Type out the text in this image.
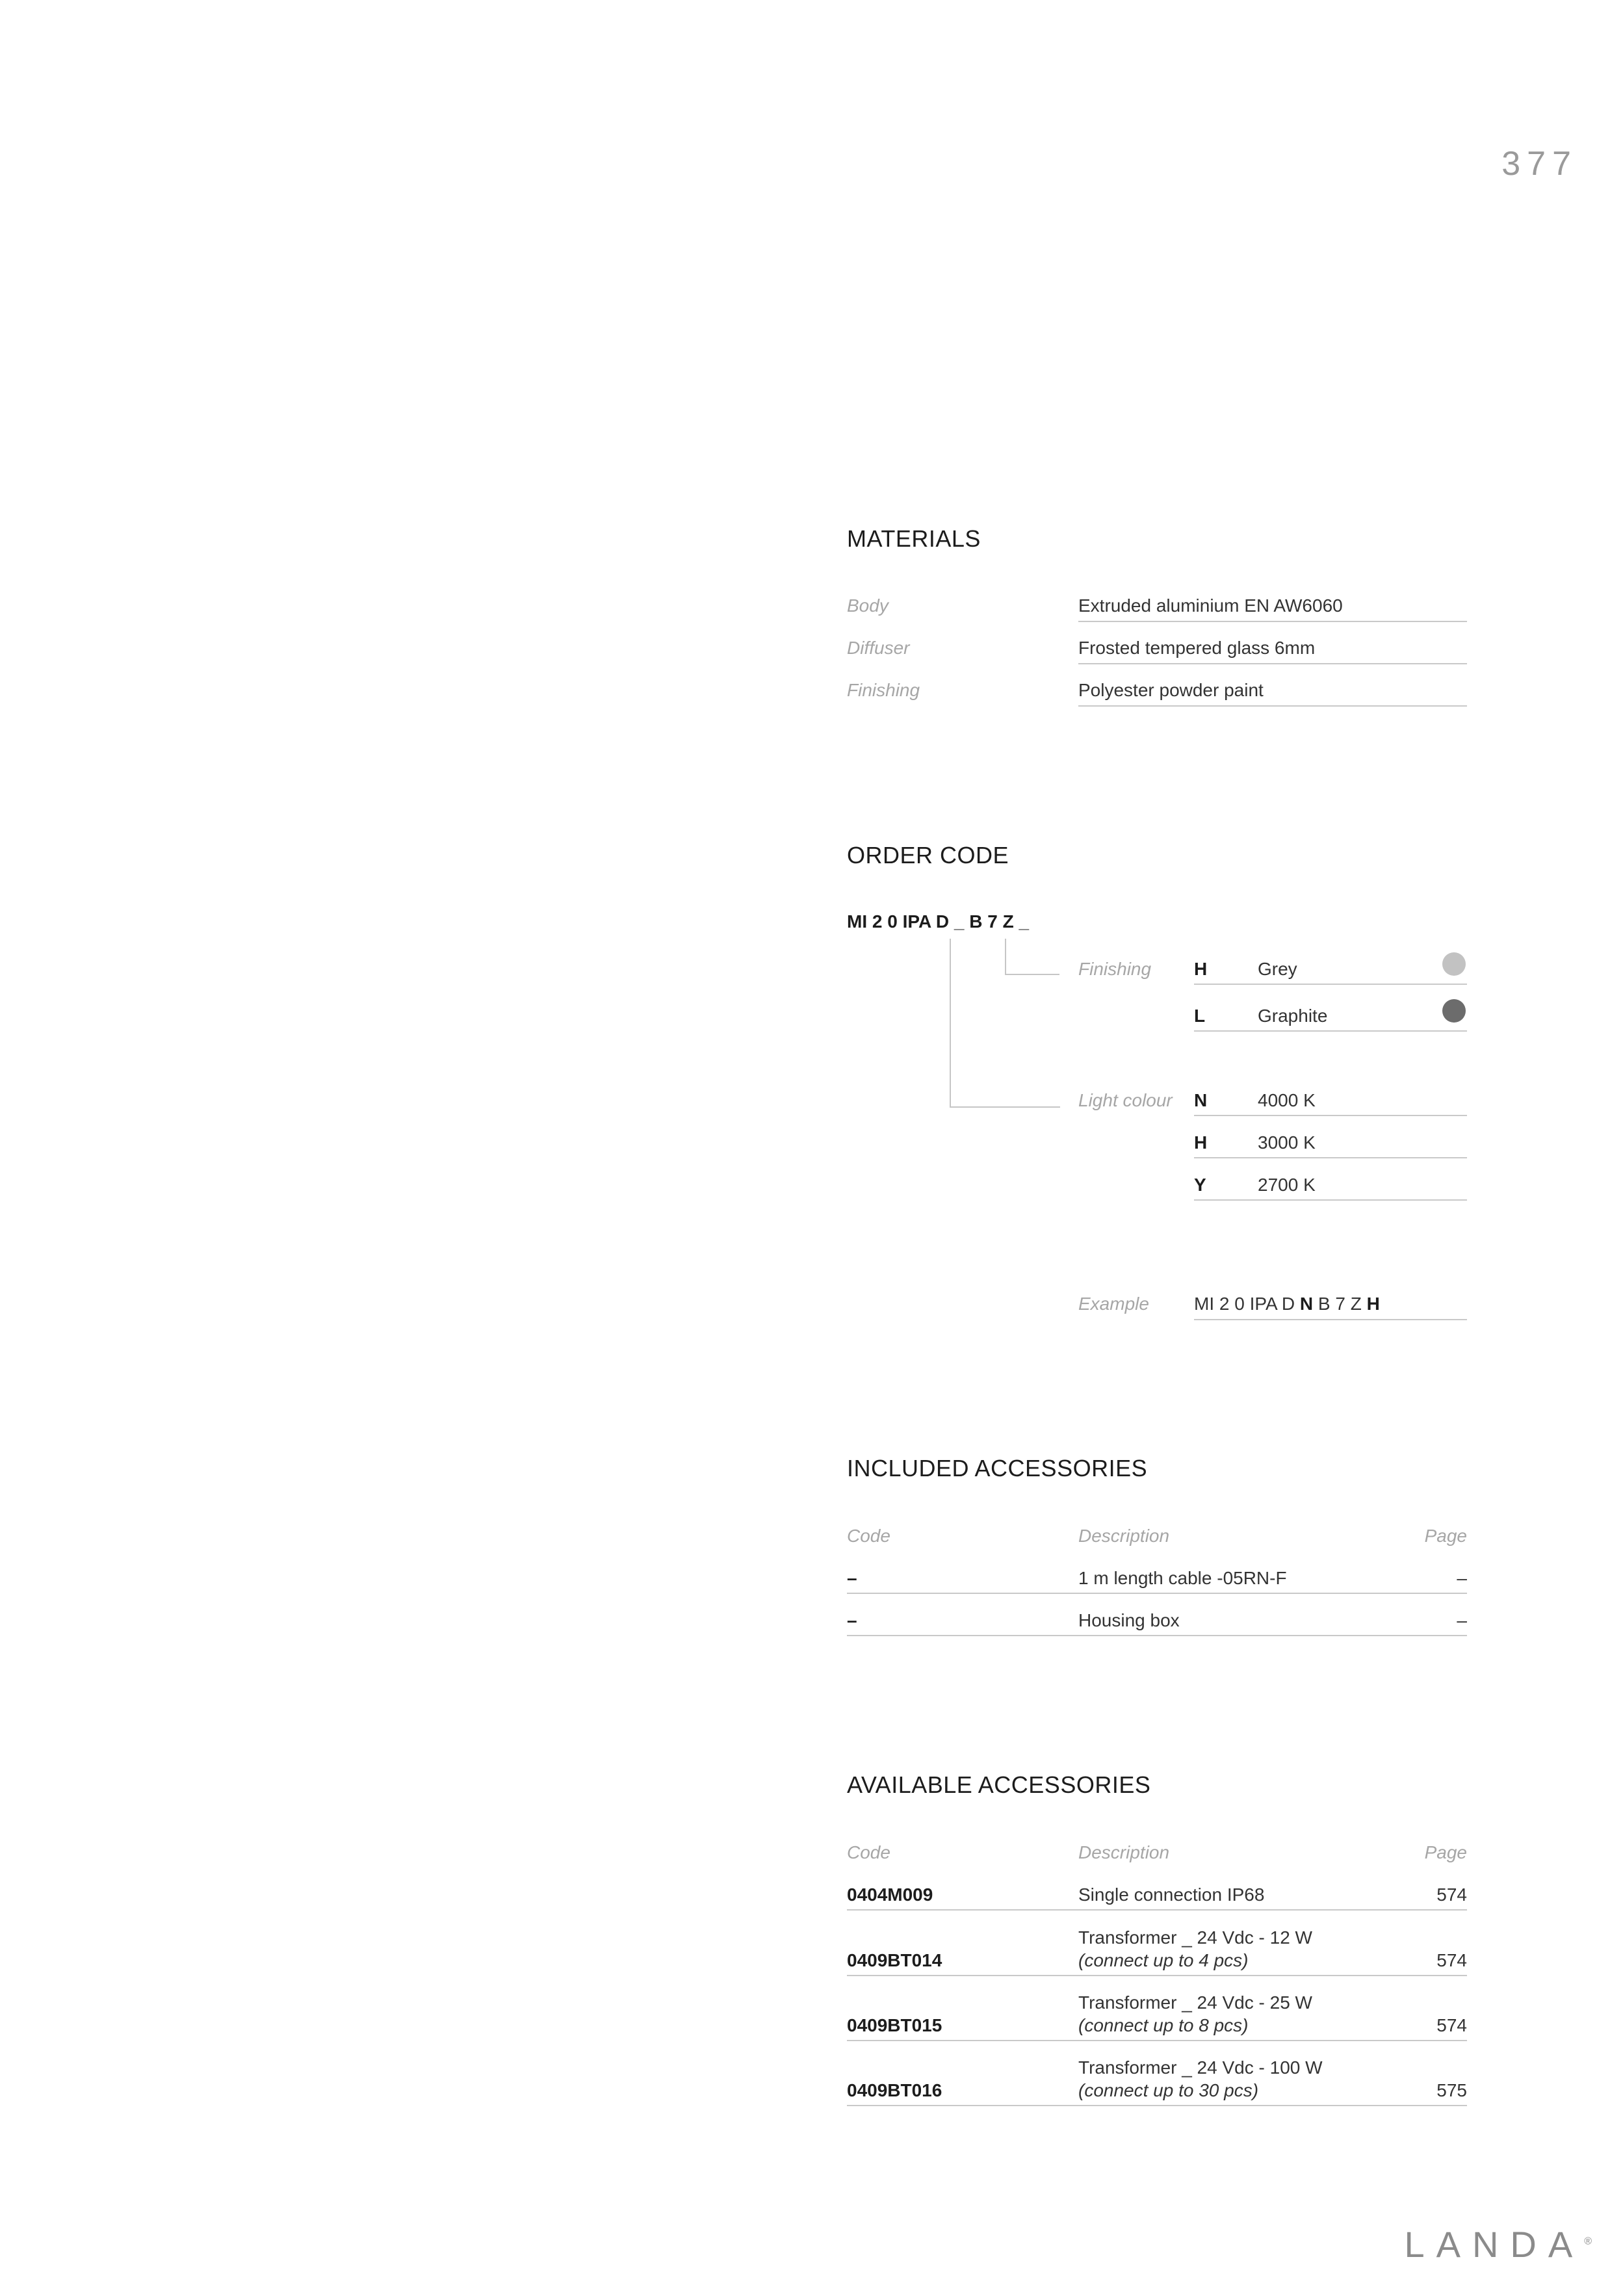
377
MATERIALS
Body	Extruded aluminium EN AW6060
Diffuser	Frosted tempered glass 6mm
Finishing	Polyester powder paint
ORDER CODE
MI 2 0 IPA D _ B 7 Z _
Finishing H	Grey
L	Graphite
Light colour N	4000 K
H	3000 K
Y	2700 K
Example MI 2 0 IPA D N B 7 Z H
INCLUDED ACCESSORIES
Code	Description	Page
–	1 m length cable -05RN-F	–
–	Housing box	–
AVAILABLE ACCESSORIES
Code	Description	Page
0404M009	Single connection IP68	574
Transformer _ 24 Vdc - 12 W
0409BT014	(connect up to 4 pcs)	574
Transformer _ 24 Vdc - 25 W
0409BT015	(connect up to 8 pcs)	574
Transformer _ 24 Vdc - 100 W
0409BT016	(connect up to 30 pcs)	575
LANDA®
